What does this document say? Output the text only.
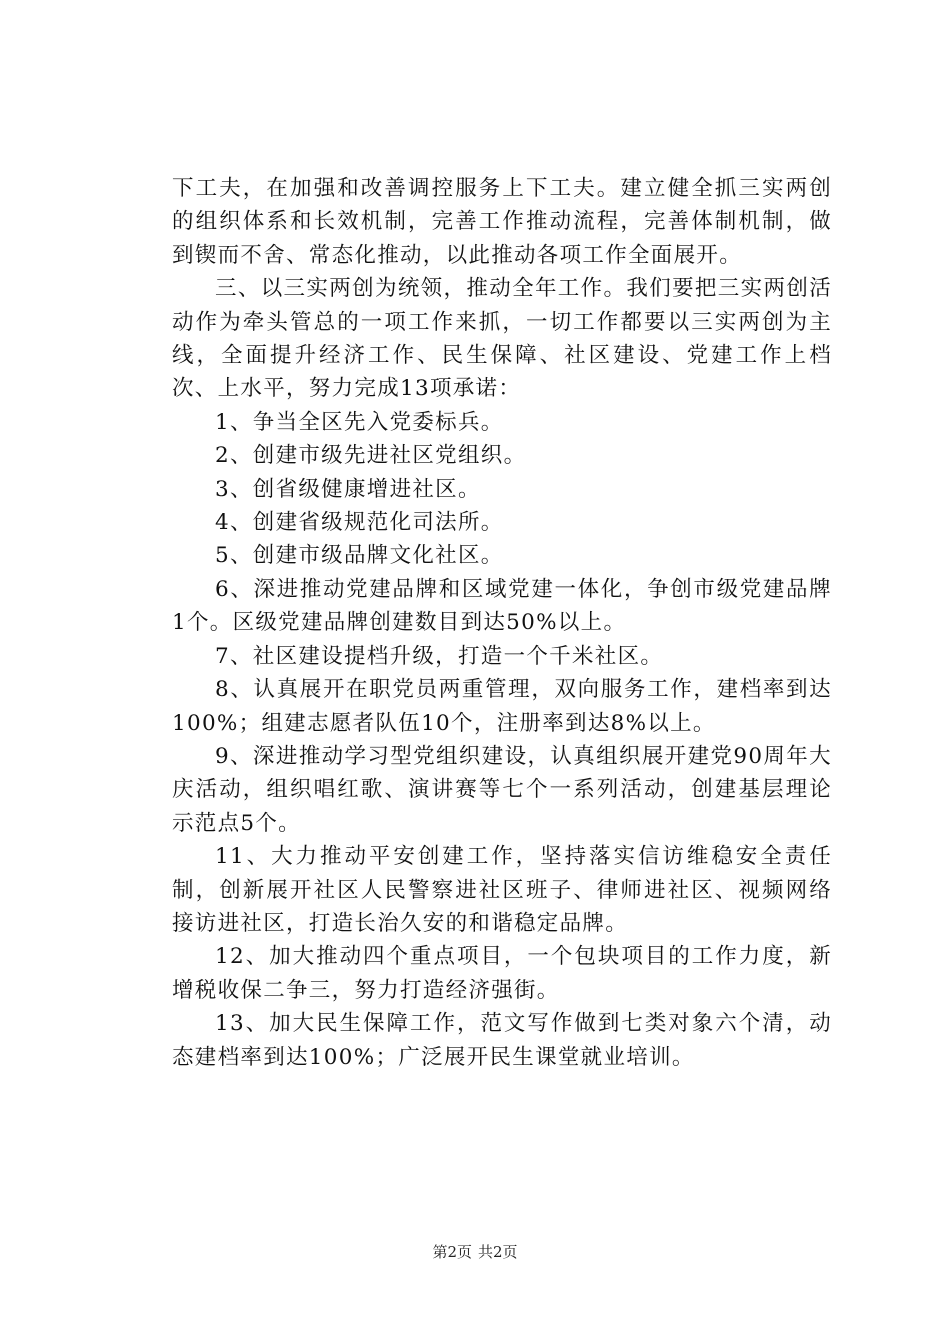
下工夫，在加强和改善调控服务上下工夫。建立健全抓三实两创的组织体系和长效机制，完善工作推动流程，完善体制机制，做到锲而不舍、常态化推动，以此推动各项工作全面展开。

三、以三实两创为统领，推动全年工作。我们要把三实两创活动作为牵头管总的一项工作来抓，一切工作都要以三实两创为主线，全面提升经济工作、民生保障、社区建设、党建工作上档次、上水平，努力完成13项承诺：

1、争当全区先入党委标兵。

2、创建市级先进社区党组织。

3、创省级健康增进社区。

4、创建省级规范化司法所。

5、创建市级品牌文化社区。

6、深进推动党建品牌和区域党建一体化，争创市级党建品牌1个。区级党建品牌创建数目到达50%以上。

7、社区建设提档升级，打造一个千米社区。

8、认真展开在职党员两重管理，双向服务工作，建档率到达100%；组建志愿者队伍10个，注册率到达8%以上。

9、深进推动学习型党组织建设，认真组织展开建党90周年大庆活动，组织唱红歌、演讲赛等七个一系列活动，创建基层理论示范点5个。

11、大力推动平安创建工作，坚持落实信访维稳安全责任制，创新展开社区人民警察进社区班子、律师进社区、视频网络接访进社区，打造长治久安的和谐稳定品牌。

12、加大推动四个重点项目，一个包块项目的工作力度，新增税收保二争三，努力打造经济强街。

13、加大民生保障工作，范文写作做到七类对象六个清，动态建档率到达100%；广泛展开民生课堂就业培训。

第2页 共2页
